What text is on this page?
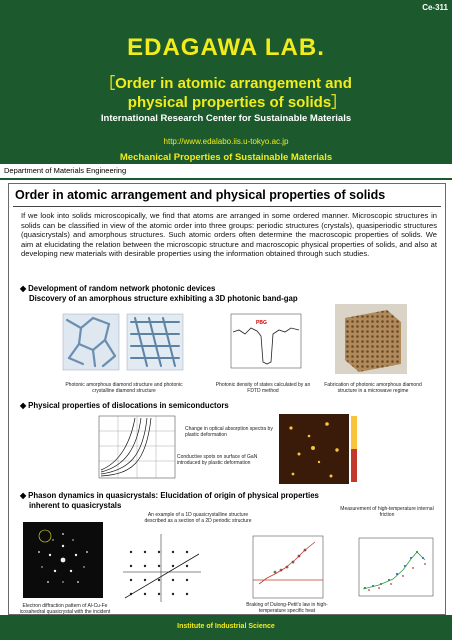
Ce-311
EDAGAWA LAB.
［Order in atomic arrangement and
physical properties of solids］
International Research Center for Sustainable Materials
http://www.edalabo.iis.u-tokyo.ac.jp
Mechanical Properties of Sustainable Materials
Department of Materials Engineering
Order in atomic arrangement and physical properties of solids
If we look into solids microscopically, we find that atoms are arranged in some ordered manner. Microscopic structures in solids can be classified in view of the atomic order into three groups: periodic structures (crystals), quasiperiodic structures (quasicrystals) and amorphous structures. Such atomic orders often determine the macroscopic properties of solids. We aim at elucidating the relation between the microscopic structure and macroscopic physical properties of solids, and also at developing new materials with desirable properties using the information obtained through such studies.
◆ Development of random network photonic devices
Discovery of an amorphous structure exhibiting a 3D photonic band-gap
Photonic amorphous diamond structure and photonic crystalline diamond structure
PBG
Photonic density of states calculated by an FDTD method
Fabrication of photonic amorphous diamond structure in a microwave regime
◆ Physical properties of dislocations in semiconductors
Change in optical absorption spectra by plastic deformation
Conductive spots on surface of GaN introduced by plastic deformation
◆ Phason dynamics in quasicrystals: Elucidation of origin of physical properties
inherent to quasicrystals
An example of a 1D quasicrystalline structure described as a section of a 2D periodic structure
Measurement of high-temperature internal friction
Electron diffraction pattern of Al-Cu-Fe icosahedral quasicrystal with the incident
Braking of Dulong-Petit's law in high-temperature specific heat
Institute of Industrial Science
